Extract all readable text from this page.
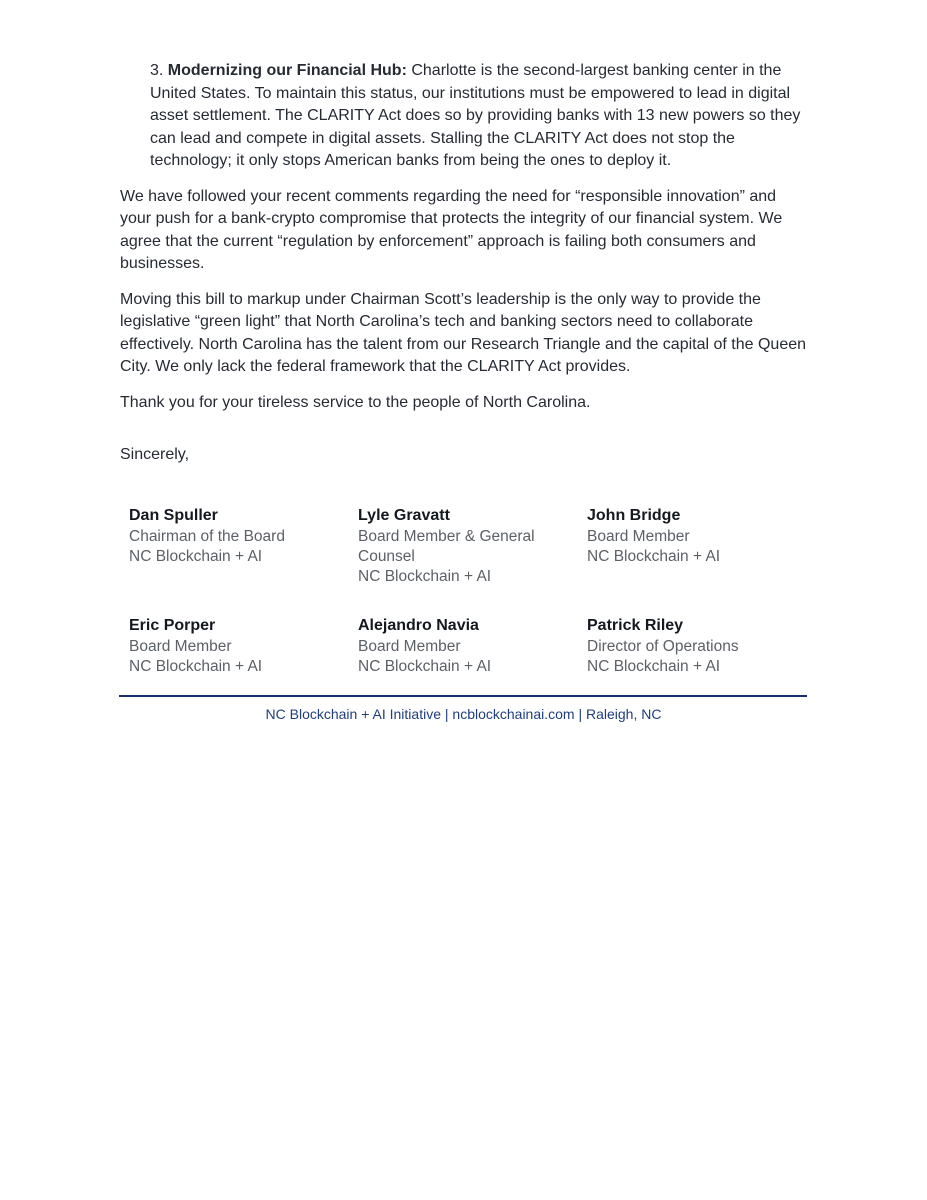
3. Modernizing our Financial Hub: Charlotte is the second-largest banking center in the United States. To maintain this status, our institutions must be empowered to lead in digital asset settlement. The CLARITY Act does so by providing banks with 13 new powers so they can lead and compete in digital assets. Stalling the CLARITY Act does not stop the technology; it only stops American banks from being the ones to deploy it.

We have followed your recent comments regarding the need for “responsible innovation” and your push for a bank-crypto compromise that protects the integrity of our financial system. We agree that the current “regulation by enforcement” approach is failing both consumers and businesses.

Moving this bill to markup under Chairman Scott’s leadership is the only way to provide the legislative “green light” that North Carolina’s tech and banking sectors need to collaborate effectively. North Carolina has the talent from our Research Triangle and the capital of the Queen City. We only lack the federal framework that the CLARITY Act provides.

Thank you for your tireless service to the people of North Carolina.

Sincerely,

Dan Spuller
Chairman of the Board
NC Blockchain + AI
Lyle Gravatt
Board Member & General Counsel
NC Blockchain + AI
John Bridge
Board Member
NC Blockchain + AI
Eric Porper
Board Member
NC Blockchain + AI
Alejandro Navia
Board Member
NC Blockchain + AI
Patrick Riley
Director of Operations
NC Blockchain + AI
NC Blockchain + AI Initiative | ncblockchainai.com | Raleigh, NC
